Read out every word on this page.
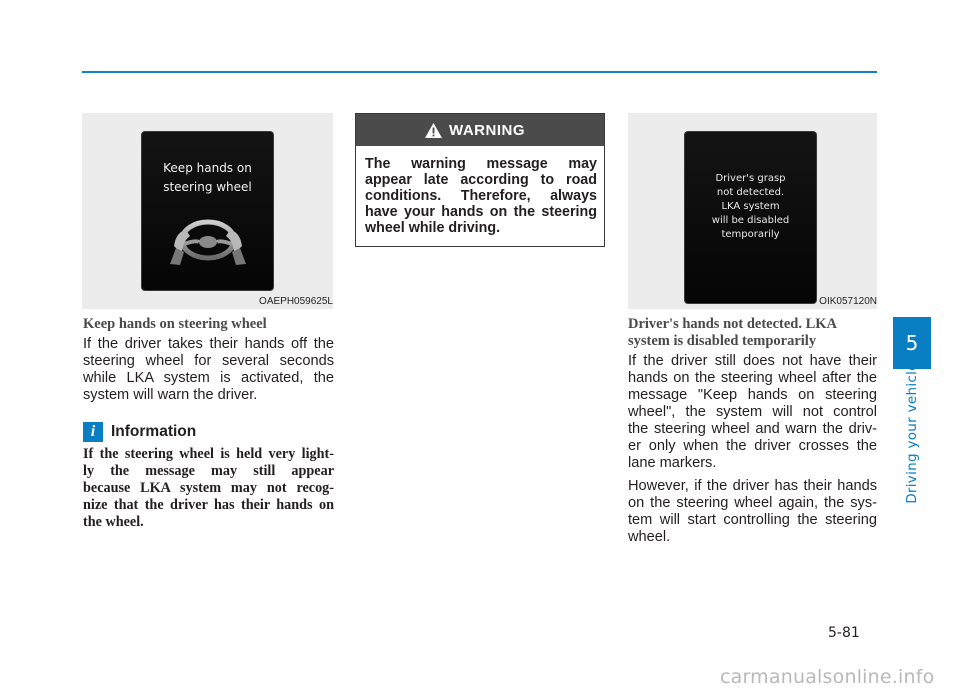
Keep hands on
steering wheel
OAEPH059625L
WARNING
The warning message may
appear late according to road
conditions. Therefore, always
have your hands on the steering
wheel while driving.
Driver's grasp
not detected.
LKA system
will be disabled
temporarily
OIK057120N
Keep hands on steering wheel
If the driver takes their hands off the
steering wheel for several seconds
while LKA system is activated, the
system will warn the driver.
i	Information
If the steering wheel is held very light-
ly the message may still appear
because LKA system may not recog-
nize that the driver has their hands on
the wheel.
Driver's hands not detected. LKA
system is disabled temporarily

If the driver still does not have their
hands on the steering wheel after the
message "Keep hands on steering
wheel", the system will not control
the steering wheel and warn the driv-
er only when the driver crosses the
lane markers.

However, if the driver has their hands
on the steering wheel again, the sys-
tem will start controlling the steering
wheel.

5
Driving your vehicle
5-81
carmanualsonline.info
